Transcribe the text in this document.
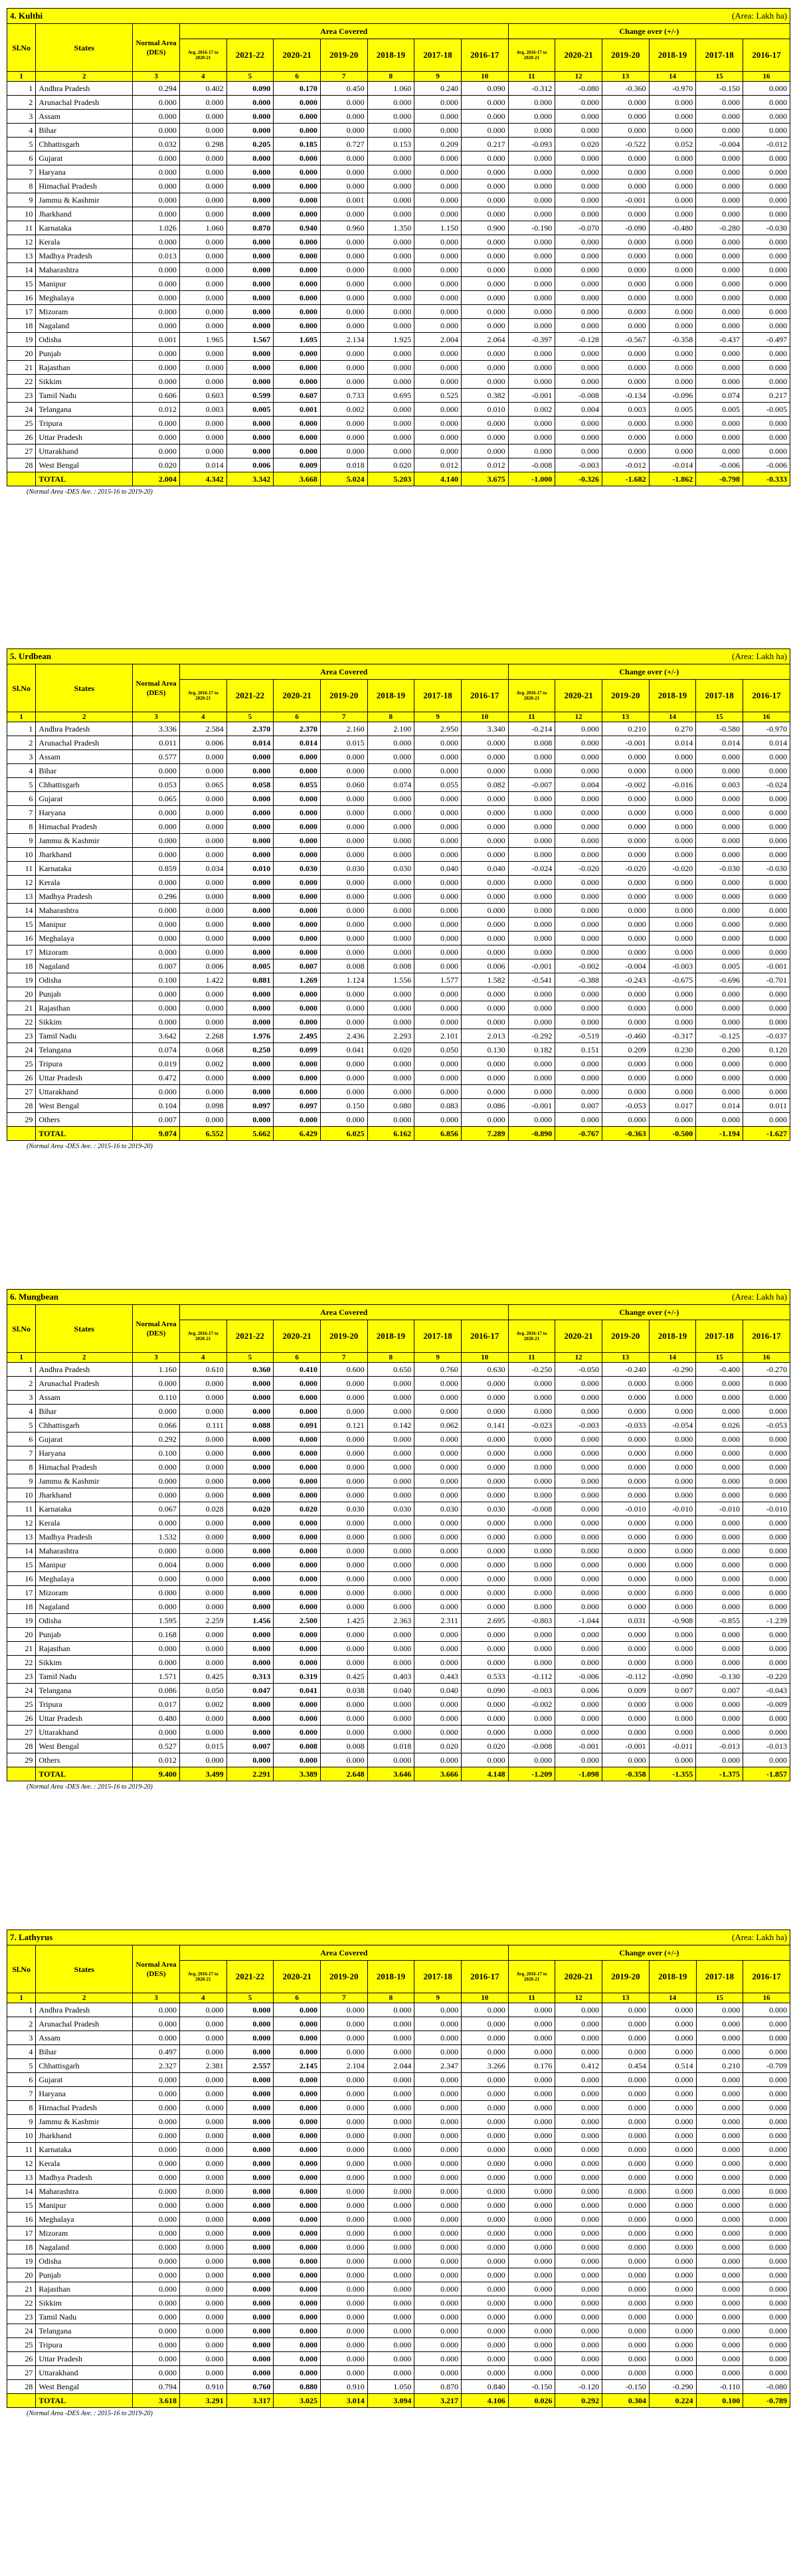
4. Kulthi (Area: Lakh ha)															

Sl.No	States	Normal Area (DES)	Area Covered							Change over (+/-)					
			Avg. 2016-17 to 2020-21	2021-22	2020-21	2019-20	2018-19	2017-18	2016-17	Avg. 2016-17 to 2020-21	2020-21	2019-20	2018-19	2017-18	2016-17
1	2	3	4	5	6	7	8	9	10	11	12	13	14	15	16
1	Andhra Pradesh	0.294	0.402	0.090	0.170	0.450	1.060	0.240	0.090	-0.312	-0.080	-0.360	-0.970	-0.150	0.000
2	Arunachal Pradesh	0.000	0.000	0.000	0.000	0.000	0.000	0.000	0.000	0.000	0.000	0.000	0.000	0.000	0.000
3	Assam	0.000	0.000	0.000	0.000	0.000	0.000	0.000	0.000	0.000	0.000	0.000	0.000	0.000	0.000
4	Bihar	0.000	0.000	0.000	0.000	0.000	0.000	0.000	0.000	0.000	0.000	0.000	0.000	0.000	0.000
5	Chhattisgarh	0.032	0.298	0.205	0.185	0.727	0.153	0.209	0.217	-0.093	0.020	-0.522	0.052	-0.004	-0.012
6	Gujarat	0.000	0.000	0.000	0.000	0.000	0.000	0.000	0.000	0.000	0.000	0.000	0.000	0.000	0.000
7	Haryana	0.000	0.000	0.000	0.000	0.000	0.000	0.000	0.000	0.000	0.000	0.000	0.000	0.000	0.000
8	Himachal Pradesh	0.000	0.000	0.000	0.000	0.000	0.000	0.000	0.000	0.000	0.000	0.000	0.000	0.000	0.000
9	Jammu & Kashmir	0.000	0.000	0.000	0.000	0.001	0.000	0.000	0.000	0.000	0.000	-0.001	0.000	0.000	0.000
10	Jharkhand	0.000	0.000	0.000	0.000	0.000	0.000	0.000	0.000	0.000	0.000	0.000	0.000	0.000	0.000
11	Karnataka	1.026	1.060	0.870	0.940	0.960	1.350	1.150	0.900	-0.190	-0.070	-0.090	-0.480	-0.280	-0.030
12	Kerala	0.000	0.000	0.000	0.000	0.000	0.000	0.000	0.000	0.000	0.000	0.000	0.000	0.000	0.000
13	Madhya Pradesh	0.013	0.000	0.000	0.000	0.000	0.000	0.000	0.000	0.000	0.000	0.000	0.000	0.000	0.000
14	Maharashtra	0.000	0.000	0.000	0.000	0.000	0.000	0.000	0.000	0.000	0.000	0.000	0.000	0.000	0.000
15	Manipur	0.000	0.000	0.000	0.000	0.000	0.000	0.000	0.000	0.000	0.000	0.000	0.000	0.000	0.000
16	Meghalaya	0.000	0.000	0.000	0.000	0.000	0.000	0.000	0.000	0.000	0.000	0.000	0.000	0.000	0.000
17	Mizoram	0.000	0.000	0.000	0.000	0.000	0.000	0.000	0.000	0.000	0.000	0.000	0.000	0.000	0.000
18	Nagaland	0.000	0.000	0.000	0.000	0.000	0.000	0.000	0.000	0.000	0.000	0.000	0.000	0.000	0.000
19	Odisha	0.001	1.965	1.567	1.695	2.134	1.925	2.004	2.064	-0.397	-0.128	-0.567	-0.358	-0.437	-0.497
20	Punjab	0.000	0.000	0.000	0.000	0.000	0.000	0.000	0.000	0.000	0.000	0.000	0.000	0.000	0.000
21	Rajasthan	0.000	0.000	0.000	0.000	0.000	0.000	0.000	0.000	0.000	0.000	0.000	0.000	0.000	0.000
22	Sikkim	0.000	0.000	0.000	0.000	0.000	0.000	0.000	0.000	0.000	0.000	0.000	0.000	0.000	0.000
23	Tamil Nadu	0.606	0.603	0.599	0.607	0.733	0.695	0.525	0.382	-0.001	-0.008	-0.134	-0.096	0.074	0.217
24	Telangana	0.012	0.003	0.005	0.001	0.002	0.000	0.000	0.010	0.002	0.004	0.003	0.005	0.005	-0.005
25	Tripura	0.000	0.000	0.000	0.000	0.000	0.000	0.000	0.000	0.000	0.000	0.000	0.000	0.000	0.000
26	Uttar Pradesh	0.000	0.000	0.000	0.000	0.000	0.000	0.000	0.000	0.000	0.000	0.000	0.000	0.000	0.000
27	Uttarakhand	0.000	0.000	0.000	0.000	0.000	0.000	0.000	0.000	0.000	0.000	0.000	0.000	0.000	0.000
28	West Bengal	0.020	0.014	0.006	0.009	0.018	0.020	0.012	0.012	-0.008	-0.003	-0.012	-0.014	-0.006	-0.006
	TOTAL	2.004	4.342	3.342	3.668	5.024	5.203	4.140	3.675	-1.000	-0.326	-1.682	-1.862	-0.798	-0.333
(Normal Area -DES Ave. : 2015-16 to 2019-20)
5. Urdbean (Area: Lakh ha)															

Sl.No	States	Normal Area (DES)	Area Covered							Change over (+/-)					
			Avg. 2016-17 to 2020-21	2021-22	2020-21	2019-20	2018-19	2017-18	2016-17	Avg. 2016-17 to 2020-21	2020-21	2019-20	2018-19	2017-18	2016-17
1	2	3	4	5	6	7	8	9	10	11	12	13	14	15	16
1	Andhra Pradesh	3.336	2.584	2.370	2.370	2.160	2.100	2.950	3.340	-0.214	0.000	0.210	0.270	-0.580	-0.970
2	Arunachal Pradesh	0.011	0.006	0.014	0.014	0.015	0.000	0.000	0.000	0.008	0.000	-0.001	0.014	0.014	0.014
3	Assam	0.577	0.000	0.000	0.000	0.000	0.000	0.000	0.000	0.000	0.000	0.000	0.000	0.000	0.000
4	Bihar	0.000	0.000	0.000	0.000	0.000	0.000	0.000	0.000	0.000	0.000	0.000	0.000	0.000	0.000
5	Chhattisgarh	0.053	0.065	0.058	0.055	0.060	0.074	0.055	0.082	-0.007	0.004	-0.002	-0.016	0.003	-0.024
6	Gujarat	0.065	0.000	0.000	0.000	0.000	0.000	0.000	0.000	0.000	0.000	0.000	0.000	0.000	0.000
7	Haryana	0.000	0.000	0.000	0.000	0.000	0.000	0.000	0.000	0.000	0.000	0.000	0.000	0.000	0.000
8	Himachal Pradesh	0.000	0.000	0.000	0.000	0.000	0.000	0.000	0.000	0.000	0.000	0.000	0.000	0.000	0.000
9	Jammu & Kashmir	0.000	0.000	0.000	0.000	0.000	0.000	0.000	0.000	0.000	0.000	0.000	0.000	0.000	0.000
10	Jharkhand	0.000	0.000	0.000	0.000	0.000	0.000	0.000	0.000	0.000	0.000	0.000	0.000	0.000	0.000
11	Karnataka	0.859	0.034	0.010	0.030	0.030	0.030	0.040	0.040	-0.024	-0.020	-0.020	-0.020	-0.030	-0.030
12	Kerala	0.000	0.000	0.000	0.000	0.000	0.000	0.000	0.000	0.000	0.000	0.000	0.000	0.000	0.000
13	Madhya Pradesh	0.296	0.000	0.000	0.000	0.000	0.000	0.000	0.000	0.000	0.000	0.000	0.000	0.000	0.000
14	Maharashtra	0.000	0.000	0.000	0.000	0.000	0.000	0.000	0.000	0.000	0.000	0.000	0.000	0.000	0.000
15	Manipur	0.000	0.000	0.000	0.000	0.000	0.000	0.000	0.000	0.000	0.000	0.000	0.000	0.000	0.000
16	Meghalaya	0.000	0.000	0.000	0.000	0.000	0.000	0.000	0.000	0.000	0.000	0.000	0.000	0.000	0.000
17	Mizoram	0.000	0.000	0.000	0.000	0.000	0.000	0.000	0.000	0.000	0.000	0.000	0.000	0.000	0.000
18	Nagaland	0.007	0.006	0.005	0.007	0.008	0.008	0.000	0.006	-0.001	-0.002	-0.004	-0.003	0.005	-0.001
19	Odisha	0.100	1.422	0.881	1.269	1.124	1.556	1.577	1.582	-0.541	-0.388	-0.243	-0.675	-0.696	-0.701
20	Punjab	0.000	0.000	0.000	0.000	0.000	0.000	0.000	0.000	0.000	0.000	0.000	0.000	0.000	0.000
21	Rajasthan	0.000	0.000	0.000	0.000	0.000	0.000	0.000	0.000	0.000	0.000	0.000	0.000	0.000	0.000
22	Sikkim	0.000	0.000	0.000	0.000	0.000	0.000	0.000	0.000	0.000	0.000	0.000	0.000	0.000	0.000
23	Tamil Nadu	3.642	2.268	1.976	2.495	2.436	2.293	2.101	2.013	-0.292	-0.519	-0.460	-0.317	-0.125	-0.037
24	Telangana	0.074	0.068	0.250	0.099	0.041	0.020	0.050	0.130	0.182	0.151	0.209	0.230	0.200	0.120
25	Tripura	0.019	0.002	0.000	0.000	0.000	0.000	0.000	0.000	0.000	0.000	0.000	0.000	0.000	0.000
26	Uttar Pradesh	0.472	0.000	0.000	0.000	0.000	0.000	0.000	0.000	0.000	0.000	0.000	0.000	0.000	0.000
27	Uttarakhand	0.000	0.000	0.000	0.000	0.000	0.000	0.000	0.000	0.000	0.000	0.000	0.000	0.000	0.000
28	West Bengal	0.104	0.098	0.097	0.097	0.150	0.080	0.083	0.086	-0.001	0.007	-0.053	0.017	0.014	0.011
29	Others	0.007	0.000	0.000	0.000	0.000	0.000	0.000	0.000	0.000	0.000	0.000	0.000	0.000	0.000
	TOTAL	9.074	6.552	5.662	6.429	6.025	6.162	6.856	7.289	-0.890	-0.767	-0.363	-0.500	-1.194	-1.627
(Normal Area -DES Ave. : 2015-16 to 2019-20)
6. Mungbean (Area: Lakh ha)															

Sl.No	States	Normal Area (DES)	Area Covered							Change over (+/-)					
			Avg. 2016-17 to 2020-21	2021-22	2020-21	2019-20	2018-19	2017-18	2016-17	Avg. 2016-17 to 2020-21	2020-21	2019-20	2018-19	2017-18	2016-17
1	2	3	4	5	6	7	8	9	10	11	12	13	14	15	16
1	Andhra Pradesh	1.160	0.610	0.360	0.410	0.600	0.650	0.760	0.630	-0.250	-0.050	-0.240	-0.290	-0.400	-0.270
2	Arunachal Pradesh	0.000	0.000	0.000	0.000	0.000	0.000	0.000	0.000	0.000	0.000	0.000	0.000	0.000	0.000
3	Assam	0.110	0.000	0.000	0.000	0.000	0.000	0.000	0.000	0.000	0.000	0.000	0.000	0.000	0.000
4	Bihar	0.000	0.000	0.000	0.000	0.000	0.000	0.000	0.000	0.000	0.000	0.000	0.000	0.000	0.000
5	Chhattisgarh	0.066	0.111	0.088	0.091	0.121	0.142	0.062	0.141	-0.023	-0.003	-0.033	-0.054	0.026	-0.053
6	Gujarat	0.292	0.000	0.000	0.000	0.000	0.000	0.000	0.000	0.000	0.000	0.000	0.000	0.000	0.000
7	Haryana	0.100	0.000	0.000	0.000	0.000	0.000	0.000	0.000	0.000	0.000	0.000	0.000	0.000	0.000
8	Himachal Pradesh	0.000	0.000	0.000	0.000	0.000	0.000	0.000	0.000	0.000	0.000	0.000	0.000	0.000	0.000
9	Jammu & Kashmir	0.000	0.000	0.000	0.000	0.000	0.000	0.000	0.000	0.000	0.000	0.000	0.000	0.000	0.000
10	Jharkhand	0.000	0.000	0.000	0.000	0.000	0.000	0.000	0.000	0.000	0.000	0.000	0.000	0.000	0.000
11	Karnataka	0.067	0.028	0.020	0.020	0.030	0.030	0.030	0.030	-0.008	0.000	-0.010	-0.010	-0.010	-0.010
12	Kerala	0.000	0.000	0.000	0.000	0.000	0.000	0.000	0.000	0.000	0.000	0.000	0.000	0.000	0.000
13	Madhya Pradesh	1.532	0.000	0.000	0.000	0.000	0.000	0.000	0.000	0.000	0.000	0.000	0.000	0.000	0.000
14	Maharashtra	0.000	0.000	0.000	0.000	0.000	0.000	0.000	0.000	0.000	0.000	0.000	0.000	0.000	0.000
15	Manipur	0.004	0.000	0.000	0.000	0.000	0.000	0.000	0.000	0.000	0.000	0.000	0.000	0.000	0.000
16	Meghalaya	0.000	0.000	0.000	0.000	0.000	0.000	0.000	0.000	0.000	0.000	0.000	0.000	0.000	0.000
17	Mizoram	0.000	0.000	0.000	0.000	0.000	0.000	0.000	0.000	0.000	0.000	0.000	0.000	0.000	0.000
18	Nagaland	0.000	0.000	0.000	0.000	0.000	0.000	0.000	0.000	0.000	0.000	0.000	0.000	0.000	0.000
19	Odisha	1.595	2.259	1.456	2.500	1.425	2.363	2.311	2.695	-0.803	-1.044	0.031	-0.908	-0.855	-1.239
20	Punjab	0.168	0.000	0.000	0.000	0.000	0.000	0.000	0.000	0.000	0.000	0.000	0.000	0.000	0.000
21	Rajasthan	0.000	0.000	0.000	0.000	0.000	0.000	0.000	0.000	0.000	0.000	0.000	0.000	0.000	0.000
22	Sikkim	0.000	0.000	0.000	0.000	0.000	0.000	0.000	0.000	0.000	0.000	0.000	0.000	0.000	0.000
23	Tamil Nadu	1.571	0.425	0.313	0.319	0.425	0.403	0.443	0.533	-0.112	-0.006	-0.112	-0.090	-0.130	-0.220
24	Telangana	0.086	0.050	0.047	0.041	0.038	0.040	0.040	0.090	-0.003	0.006	0.009	0.007	0.007	-0.043
25	Tripura	0.017	0.002	0.000	0.000	0.000	0.000	0.000	0.000	-0.002	0.000	0.000	0.000	0.000	-0.009
26	Uttar Pradesh	0.480	0.000	0.000	0.000	0.000	0.000	0.000	0.000	0.000	0.000	0.000	0.000	0.000	0.000
27	Uttarakhand	0.000	0.000	0.000	0.000	0.000	0.000	0.000	0.000	0.000	0.000	0.000	0.000	0.000	0.000
28	West Bengal	0.527	0.015	0.007	0.008	0.008	0.018	0.020	0.020	-0.008	-0.001	-0.001	-0.011	-0.013	-0.013
29	Others	0.012	0.000	0.000	0.000	0.000	0.000	0.000	0.000	0.000	0.000	0.000	0.000	0.000	0.000
	TOTAL	9.400	3.499	2.291	3.389	2.648	3.646	3.666	4.148	-1.209	-1.098	-0.358	-1.355	-1.375	-1.857
(Normal Area -DES Ave. : 2015-16 to 2019-20)
7. Lathyrus (Area: Lakh ha)															

Sl.No	States	Normal Area (DES)	Area Covered							Change over (+/-)					
			Avg. 2016-17 to 2020-21	2021-22	2020-21	2019-20	2018-19	2017-18	2016-17	Avg. 2016-17 to 2020-21	2020-21	2019-20	2018-19	2017-18	2016-17
1	2	3	4	5	6	7	8	9	10	11	12	13	14	15	16
1	Andhra Pradesh	0.000	0.000	0.000	0.000	0.000	0.000	0.000	0.000	0.000	0.000	0.000	0.000	0.000	0.000
2	Arunachal Pradesh	0.000	0.000	0.000	0.000	0.000	0.000	0.000	0.000	0.000	0.000	0.000	0.000	0.000	0.000
3	Assam	0.000	0.000	0.000	0.000	0.000	0.000	0.000	0.000	0.000	0.000	0.000	0.000	0.000	0.000
4	Bihar	0.497	0.000	0.000	0.000	0.000	0.000	0.000	0.000	0.000	0.000	0.000	0.000	0.000	0.000
5	Chhattisgarh	2.327	2.381	2.557	2.145	2.104	2.044	2.347	3.266	0.176	0.412	0.454	0.514	0.210	-0.709
6	Gujarat	0.000	0.000	0.000	0.000	0.000	0.000	0.000	0.000	0.000	0.000	0.000	0.000	0.000	0.000
7	Haryana	0.000	0.000	0.000	0.000	0.000	0.000	0.000	0.000	0.000	0.000	0.000	0.000	0.000	0.000
8	Himachal Pradesh	0.000	0.000	0.000	0.000	0.000	0.000	0.000	0.000	0.000	0.000	0.000	0.000	0.000	0.000
9	Jammu & Kashmir	0.000	0.000	0.000	0.000	0.000	0.000	0.000	0.000	0.000	0.000	0.000	0.000	0.000	0.000
10	Jharkhand	0.000	0.000	0.000	0.000	0.000	0.000	0.000	0.000	0.000	0.000	0.000	0.000	0.000	0.000
11	Karnataka	0.000	0.000	0.000	0.000	0.000	0.000	0.000	0.000	0.000	0.000	0.000	0.000	0.000	0.000
12	Kerala	0.000	0.000	0.000	0.000	0.000	0.000	0.000	0.000	0.000	0.000	0.000	0.000	0.000	0.000
13	Madhya Pradesh	0.000	0.000	0.000	0.000	0.000	0.000	0.000	0.000	0.000	0.000	0.000	0.000	0.000	0.000
14	Maharashtra	0.000	0.000	0.000	0.000	0.000	0.000	0.000	0.000	0.000	0.000	0.000	0.000	0.000	0.000
15	Manipur	0.000	0.000	0.000	0.000	0.000	0.000	0.000	0.000	0.000	0.000	0.000	0.000	0.000	0.000
16	Meghalaya	0.000	0.000	0.000	0.000	0.000	0.000	0.000	0.000	0.000	0.000	0.000	0.000	0.000	0.000
17	Mizoram	0.000	0.000	0.000	0.000	0.000	0.000	0.000	0.000	0.000	0.000	0.000	0.000	0.000	0.000
18	Nagaland	0.000	0.000	0.000	0.000	0.000	0.000	0.000	0.000	0.000	0.000	0.000	0.000	0.000	0.000
19	Odisha	0.000	0.000	0.000	0.000	0.000	0.000	0.000	0.000	0.000	0.000	0.000	0.000	0.000	0.000
20	Punjab	0.000	0.000	0.000	0.000	0.000	0.000	0.000	0.000	0.000	0.000	0.000	0.000	0.000	0.000
21	Rajasthan	0.000	0.000	0.000	0.000	0.000	0.000	0.000	0.000	0.000	0.000	0.000	0.000	0.000	0.000
22	Sikkim	0.000	0.000	0.000	0.000	0.000	0.000	0.000	0.000	0.000	0.000	0.000	0.000	0.000	0.000
23	Tamil Nadu	0.000	0.000	0.000	0.000	0.000	0.000	0.000	0.000	0.000	0.000	0.000	0.000	0.000	0.000
24	Telangana	0.000	0.000	0.000	0.000	0.000	0.000	0.000	0.000	0.000	0.000	0.000	0.000	0.000	0.000
25	Tripura	0.000	0.000	0.000	0.000	0.000	0.000	0.000	0.000	0.000	0.000	0.000	0.000	0.000	0.000
26	Uttar Pradesh	0.000	0.000	0.000	0.000	0.000	0.000	0.000	0.000	0.000	0.000	0.000	0.000	0.000	0.000
27	Uttarakhand	0.000	0.000	0.000	0.000	0.000	0.000	0.000	0.000	0.000	0.000	0.000	0.000	0.000	0.000
28	West Bengal	0.794	0.910	0.760	0.880	0.910	1.050	0.870	0.840	-0.150	-0.120	-0.150	-0.290	-0.110	-0.080
	TOTAL	3.618	3.291	3.317	3.025	3.014	3.094	3.217	4.106	0.026	0.292	0.304	0.224	0.100	-0.789
(Normal Area -DES Ave. : 2015-16 to 2019-20)
